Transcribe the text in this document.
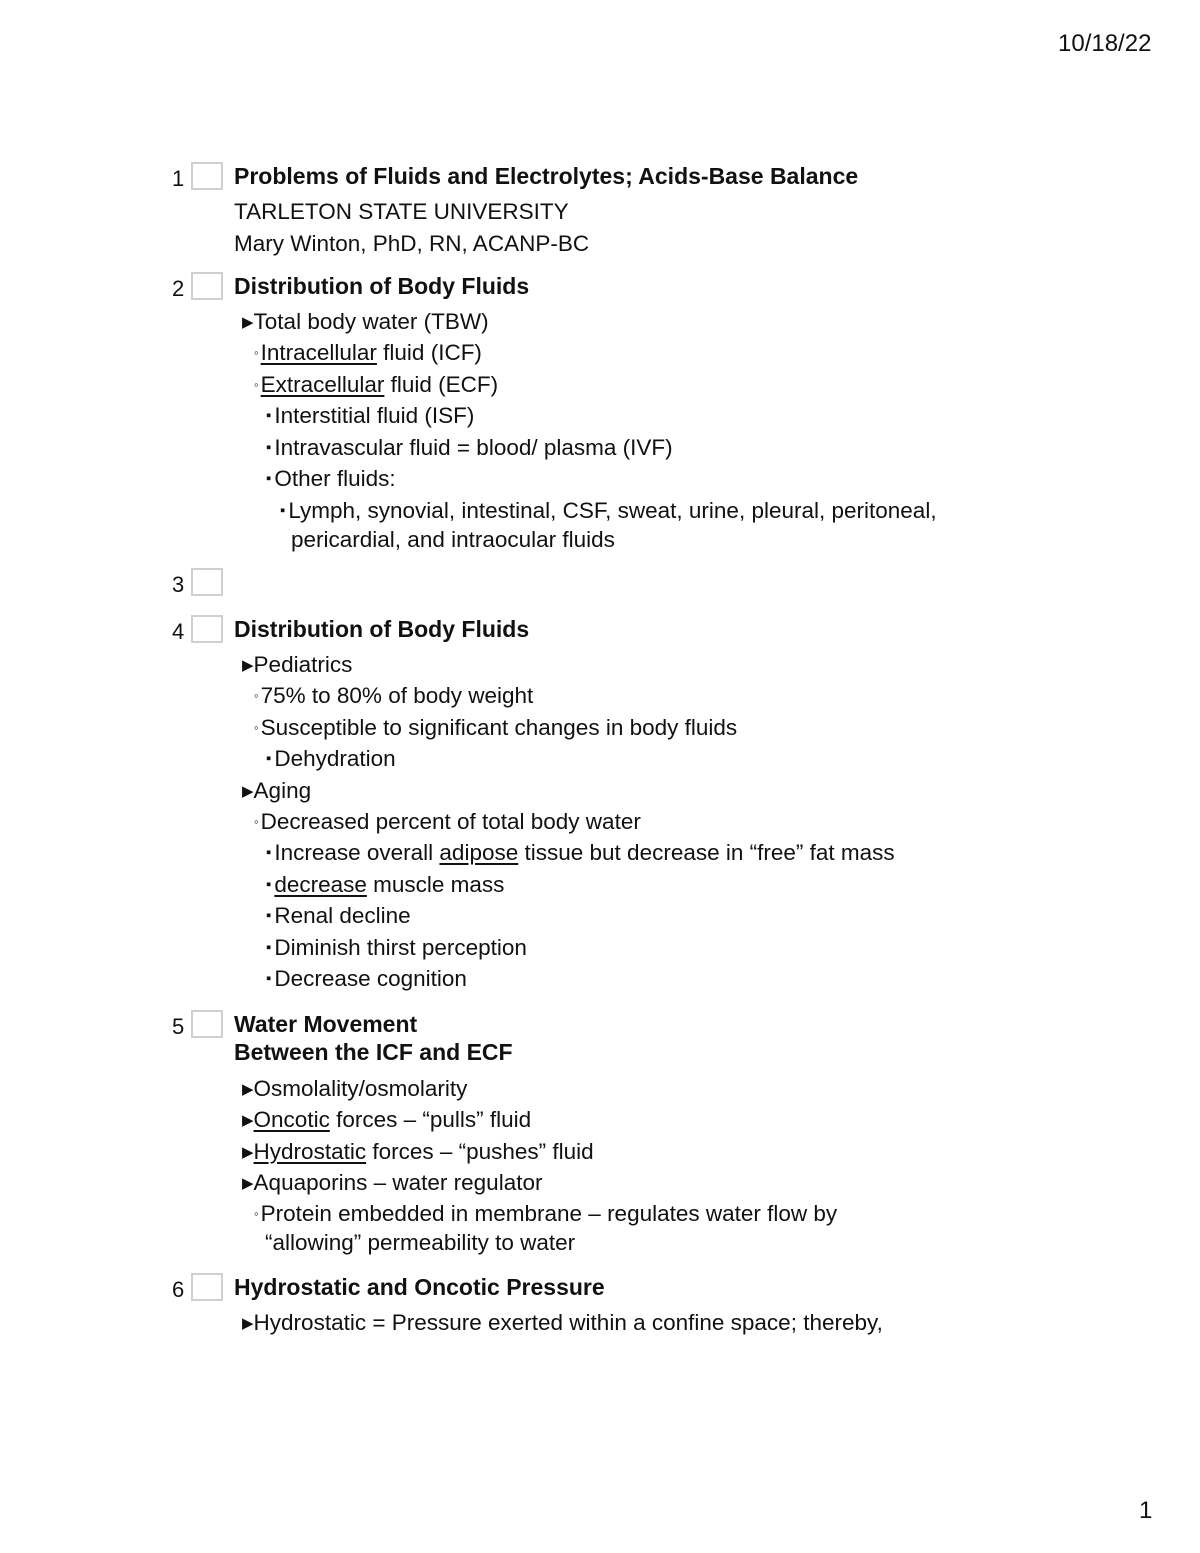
10/18/22
1 Problems of Fluids and Electrolytes; Acids-Base Balance
TARLETON STATE UNIVERSITY
Mary Winton, PhD, RN, ACANP-BC
2 Distribution of Body Fluids
▶Total body water (TBW)
◦Intracellular fluid (ICF)
◦Extracellular fluid (ECF)
▪ Interstitial fluid (ISF)
▪ Intravascular fluid = blood/ plasma (IVF)
▪ Other fluids:
▪ Lymph, synovial, intestinal, CSF, sweat, urine, pleural, peritoneal,
pericardial, and intraocular fluids
3
4 Distribution of Body Fluids
▶Pediatrics
◦75% to 80% of body weight
◦Susceptible to significant changes in body fluids
▪ Dehydration
▶Aging
◦Decreased percent of total body water
▪ Increase overall adipose tissue but decrease in “free” fat mass
▪ decrease muscle mass
▪ Renal decline
▪ Diminish thirst perception
▪ Decrease cognition
5 Water Movement
Between the ICF and ECF
▶Osmolality/osmolarity
▶Oncotic forces – “pulls” fluid
▶Hydrostatic forces – “pushes” fluid
▶Aquaporins – water regulator
◦Protein embedded in membrane – regulates water flow by
“allowing” permeability to water
6 Hydrostatic and Oncotic Pressure
▶Hydrostatic = Pressure exerted within a confine space; thereby,
1
